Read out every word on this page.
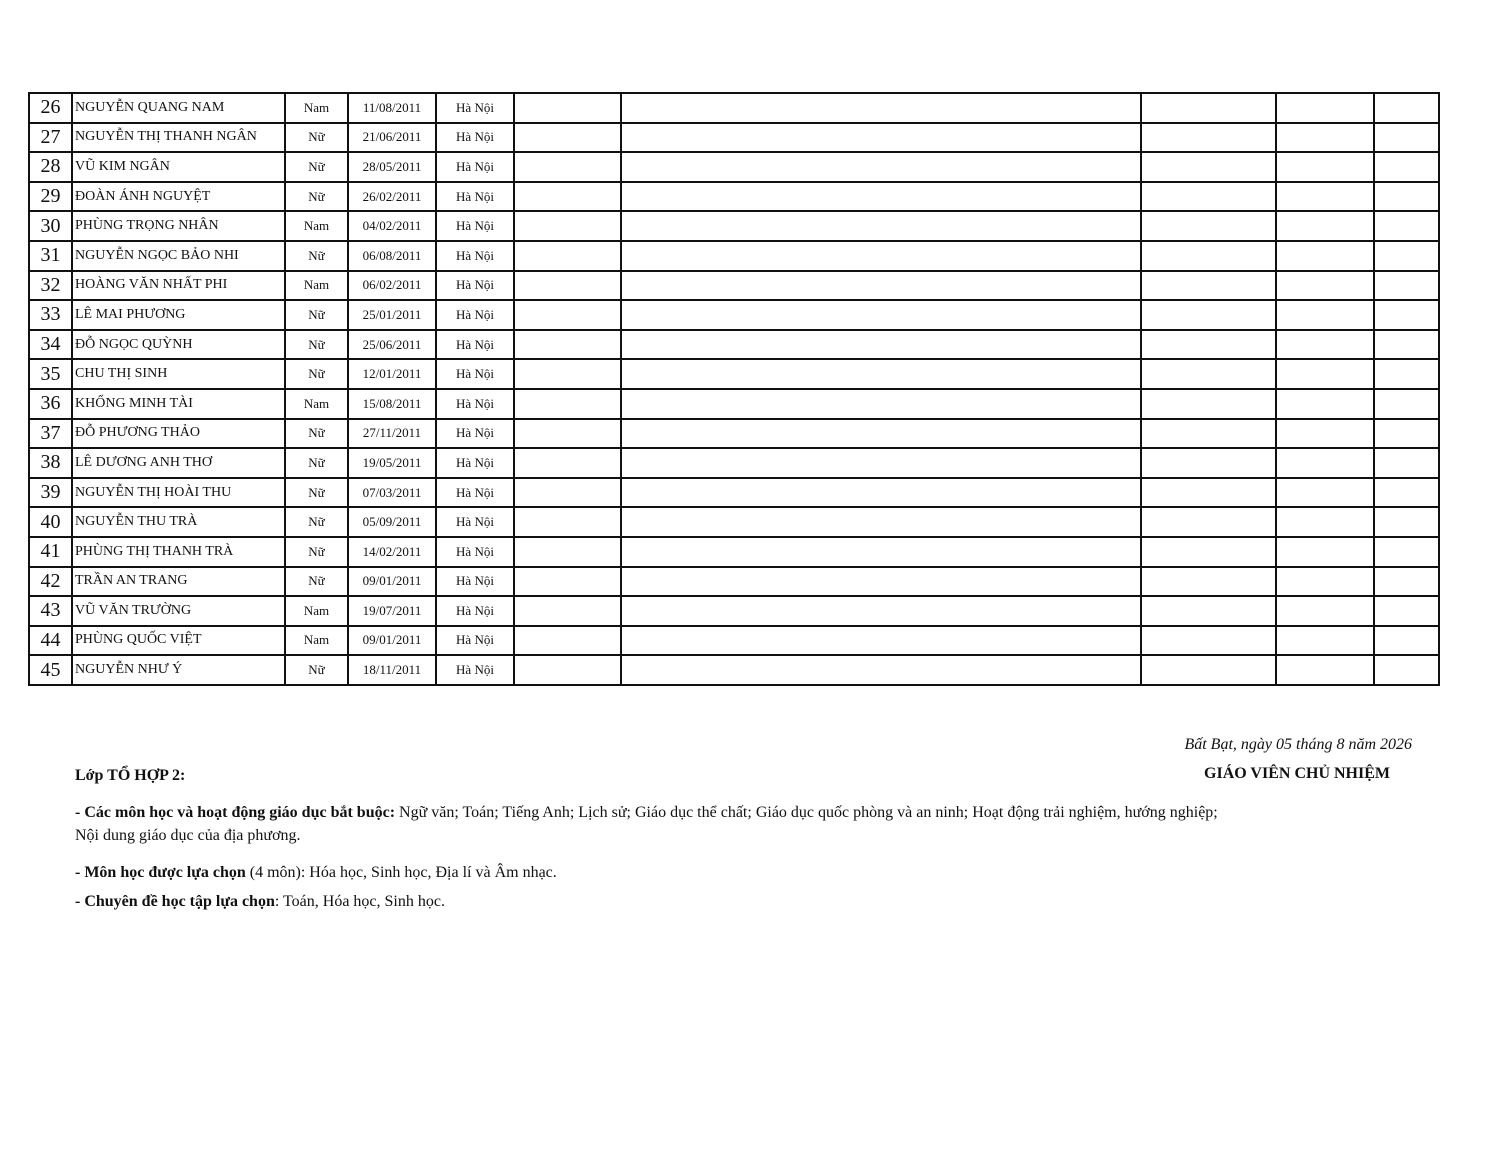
26	NGUYỄN QUANG NAM	Nam	11/08/2011	Hà Nội					
27	NGUYỄN THỊ THANH NGÂN	Nữ	21/06/2011	Hà Nội					
28	VŨ KIM NGÂN	Nữ	28/05/2011	Hà Nội					
29	ĐOÀN ÁNH NGUYỆT	Nữ	26/02/2011	Hà Nội					
30	PHÙNG TRỌNG NHÂN	Nam	04/02/2011	Hà Nội					
31	NGUYỄN NGỌC BẢO NHI	Nữ	06/08/2011	Hà Nội					
32	HOÀNG VĂN NHẤT PHI	Nam	06/02/2011	Hà Nội					
33	LÊ MAI PHƯƠNG	Nữ	25/01/2011	Hà Nội					
34	ĐỖ NGỌC QUỲNH	Nữ	25/06/2011	Hà Nội					
35	CHU THỊ SINH	Nữ	12/01/2011	Hà Nội					
36	KHỔNG MINH TÀI	Nam	15/08/2011	Hà Nội					
37	ĐỖ PHƯƠNG THẢO	Nữ	27/11/2011	Hà Nội					
38	LÊ DƯƠNG ANH THƠ	Nữ	19/05/2011	Hà Nội					
39	NGUYỄN THỊ HOÀI THU	Nữ	07/03/2011	Hà Nội					
40	NGUYỄN THU TRÀ	Nữ	05/09/2011	Hà Nội					
41	PHÙNG THỊ THANH TRÀ	Nữ	14/02/2011	Hà Nội					
42	TRẦN AN TRANG	Nữ	09/01/2011	Hà Nội					
43	VŨ VĂN TRƯỜNG	Nam	19/07/2011	Hà Nội					
44	PHÙNG QUỐC VIỆT	Nam	09/01/2011	Hà Nội					
45	NGUYỄN NHƯ Ý	Nữ	18/11/2011	Hà Nội					
Bất Bạt, ngày 05 tháng 8 năm 2026
GIÁO VIÊN CHỦ NHIỆM
Lớp TỔ HỢP 2:
- Các môn học và hoạt động giáo dục bắt buộc: Ngữ văn; Toán; Tiếng Anh; Lịch sử; Giáo dục thể chất; Giáo dục quốc phòng và an ninh; Hoạt động trải nghiệm, hướng nghiệp; Nội dung giáo dục của địa phương.
- Môn học được lựa chọn (4 môn): Hóa học, Sinh học, Địa lí và Âm nhạc.
- Chuyên đề học tập lựa chọn: Toán, Hóa học, Sinh học.
